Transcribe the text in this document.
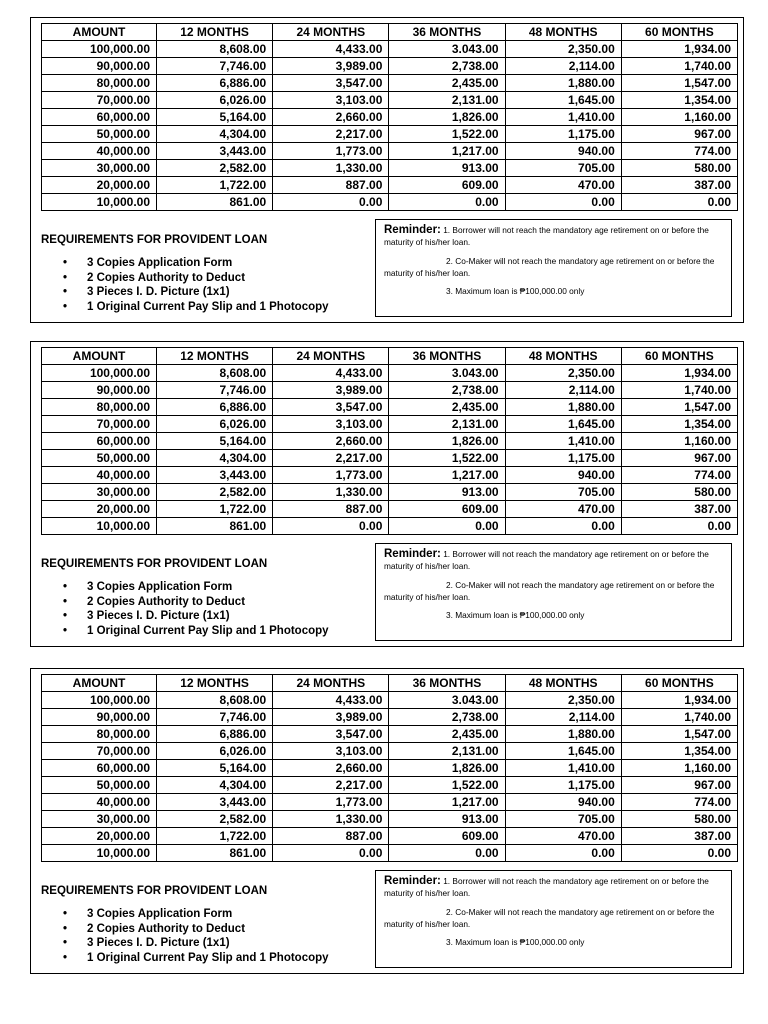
AMOUNT	12 MONTHS	24 MONTHS	36 MONTHS	48 MONTHS	60 MONTHS
100,000.00	8,608.00	4,433.00	3.043.00	2,350.00	1,934.00
90,000.00	7,746.00	3,989.00	2,738.00	2,114.00	1,740.00
80,000.00	6,886.00	3,547.00	2,435.00	1,880.00	1,547.00
70,000.00	6,026.00	3,103.00	2,131.00	1,645.00	1,354.00
60,000.00	5,164.00	2,660.00	1,826.00	1,410.00	1,160.00
50,000.00	4,304.00	2,217.00	1,522.00	1,175.00	967.00
40,000.00	3,443.00	1,773.00	1,217.00	940.00	774.00
30,000.00	2,582.00	1,330.00	913.00	705.00	580.00
20,000.00	1,722.00	887.00	609.00	470.00	387.00
10,000.00	861.00	0.00	0.00	0.00	0.00

REQUIREMENTS FOR PROVIDENT LOAN

• 3 Copies Application Form
• 2 Copies Authority to Deduct
• 3 Pieces I. D. Picture (1x1)
• 1 Original Current Pay Slip and 1 Photocopy

Reminder: 1. Borrower will not reach the mandatory age retirement on or before the maturity of his/her loan.

2. Co-Maker will not reach the mandatory age retirement on or before the maturity of his/her loan.

3. Maximum loan is ₱100,000.00 only

AMOUNT	12 MONTHS	24 MONTHS	36 MONTHS	48 MONTHS	60 MONTHS
100,000.00	8,608.00	4,433.00	3.043.00	2,350.00	1,934.00
90,000.00	7,746.00	3,989.00	2,738.00	2,114.00	1,740.00
80,000.00	6,886.00	3,547.00	2,435.00	1,880.00	1,547.00
70,000.00	6,026.00	3,103.00	2,131.00	1,645.00	1,354.00
60,000.00	5,164.00	2,660.00	1,826.00	1,410.00	1,160.00
50,000.00	4,304.00	2,217.00	1,522.00	1,175.00	967.00
40,000.00	3,443.00	1,773.00	1,217.00	940.00	774.00
30,000.00	2,582.00	1,330.00	913.00	705.00	580.00
20,000.00	1,722.00	887.00	609.00	470.00	387.00
10,000.00	861.00	0.00	0.00	0.00	0.00

REQUIREMENTS FOR PROVIDENT LOAN

• 3 Copies Application Form
• 2 Copies Authority to Deduct
• 3 Pieces I. D. Picture (1x1)
• 1 Original Current Pay Slip and 1 Photocopy

Reminder: 1. Borrower will not reach the mandatory age retirement on or before the maturity of his/her loan.

2. Co-Maker will not reach the mandatory age retirement on or before the maturity of his/her loan.

3. Maximum loan is ₱100,000.00 only

AMOUNT	12 MONTHS	24 MONTHS	36 MONTHS	48 MONTHS	60 MONTHS
100,000.00	8,608.00	4,433.00	3.043.00	2,350.00	1,934.00
90,000.00	7,746.00	3,989.00	2,738.00	2,114.00	1,740.00
80,000.00	6,886.00	3,547.00	2,435.00	1,880.00	1,547.00
70,000.00	6,026.00	3,103.00	2,131.00	1,645.00	1,354.00
60,000.00	5,164.00	2,660.00	1,826.00	1,410.00	1,160.00
50,000.00	4,304.00	2,217.00	1,522.00	1,175.00	967.00
40,000.00	3,443.00	1,773.00	1,217.00	940.00	774.00
30,000.00	2,582.00	1,330.00	913.00	705.00	580.00
20,000.00	1,722.00	887.00	609.00	470.00	387.00
10,000.00	861.00	0.00	0.00	0.00	0.00

REQUIREMENTS FOR PROVIDENT LOAN

• 3 Copies Application Form
• 2 Copies Authority to Deduct
• 3 Pieces I. D. Picture (1x1)
• 1 Original Current Pay Slip and 1 Photocopy

Reminder: 1. Borrower will not reach the mandatory age retirement on or before the maturity of his/her loan.

2. Co-Maker will not reach the mandatory age retirement on or before the maturity of his/her loan.

3. Maximum loan is ₱100,000.00 only
